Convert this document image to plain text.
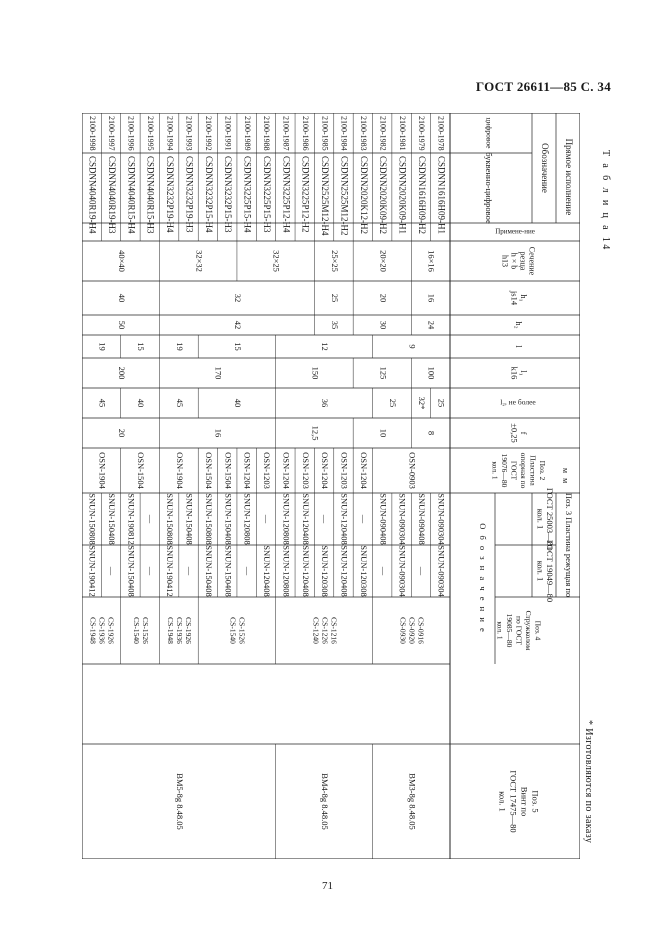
ГОСТ 26611—85 С. 34
Т а б л и ц а 14
м м
* Изготовляются по заказу
71
Прямое исполнение
Обозначение
цифровое
буквенно-цифровое
Примене-ние
Сечение
резца
h × b
h13
h₁
js14
h₂
l
l₁
k16
l₂, не более
f
±0,25
Поз. 2
Пластина
опорная по
ГОСТ
19076—80
кол. 1
Поз. 3 Пластина режущая по
ГОСТ 25003—81
кол. 1
ГОСТ 19049—80
кол. 1
О б о з н а ч е н и е	Поз. 4
Стружколом
по ГОСТ
19085—80
кол. 1
Поз. 5
Винт по
ГОСТ 17475—80
кол. 1
2100-1978
CSDNN1616H09-H1
2100-1979
CSDNN1616H09-H2
2100-1981
CSDNN2020K09-H1
2100-1982
CSDNN2020K09-H2
2100-1983
CSDNN2020K12-H2
2100-1984
CSDNN2525M12-H2
2100-1985
CSDNN2525M12-H4
2100-1986
CSDNN3225P12-H2
2100-1987
CSDNN3225P12-H4
2100-1988
CSDNN3225P15-H3
2100-1989
CSDNN3225P15-H4
2100-1991
CSDNN3232P15-H3
2100-1992
CSDNN3232P15-H4
2100-1993
CSDNN3232P19-H3
2100-1994
CSDNN3232P19-H4
2100-1995
CSDNN4040R15-H3
2100-1996
CSDNN4040R15-H4
2100-1997
CSDNN4040R19-H3
2100-1998
CSDNN4040R19-H4
16×16
20×20
25×25
32×25
32×32
40×40
16
20
25
32
40
24
30
35
42
50
9
12
15
19
15
19
100
125
150
170
200
25
32*
25
36
40
45
40
45
8
10
12,5
16
20
OSN-0903
OSN-1204
OSN-1203
OSN-1204
OSN-1203
OSN-1204
OSN-1203
OSN-1204
OSN-1504
OSN-1504
OSN-1904
OSN-1504
OSN-1904
SNUN-090304
SNUN-090408
SNUN-090304
SNUN-090408
—
SNUN-120408
—
SNUN-120408
SNUN-120808
—
SNUN-120808
SNUN-150408
SNUN-150808
SNUN-150408
SNUN-150808
—
SNUN-190812
SNUN-150408
SNUN-150808
SNUN-090304
—
SNUN-090304
—
SNUN-120308
SNUN-120408
SNUN-120308
SNUN-120408
SNUN-120808
SNUN-120408
—
SNUN-150408
SNUN-150408
—
SNUN-190412
—
SNUN-150408
—
SNUN-190412
CS-0916
CS-0920
CS-0930
CS-1216
CS-1226
CS-1240
CS-1526
CS-1540
CS-1926
CS-1936
CS-1948
CS-1526
CS-1540
CS-1926
CS-1936
CS-1948
ВМ3-8g 8.48.05
ВМ4-8g 8.48.05
ВМ5-8g 8.48.05
